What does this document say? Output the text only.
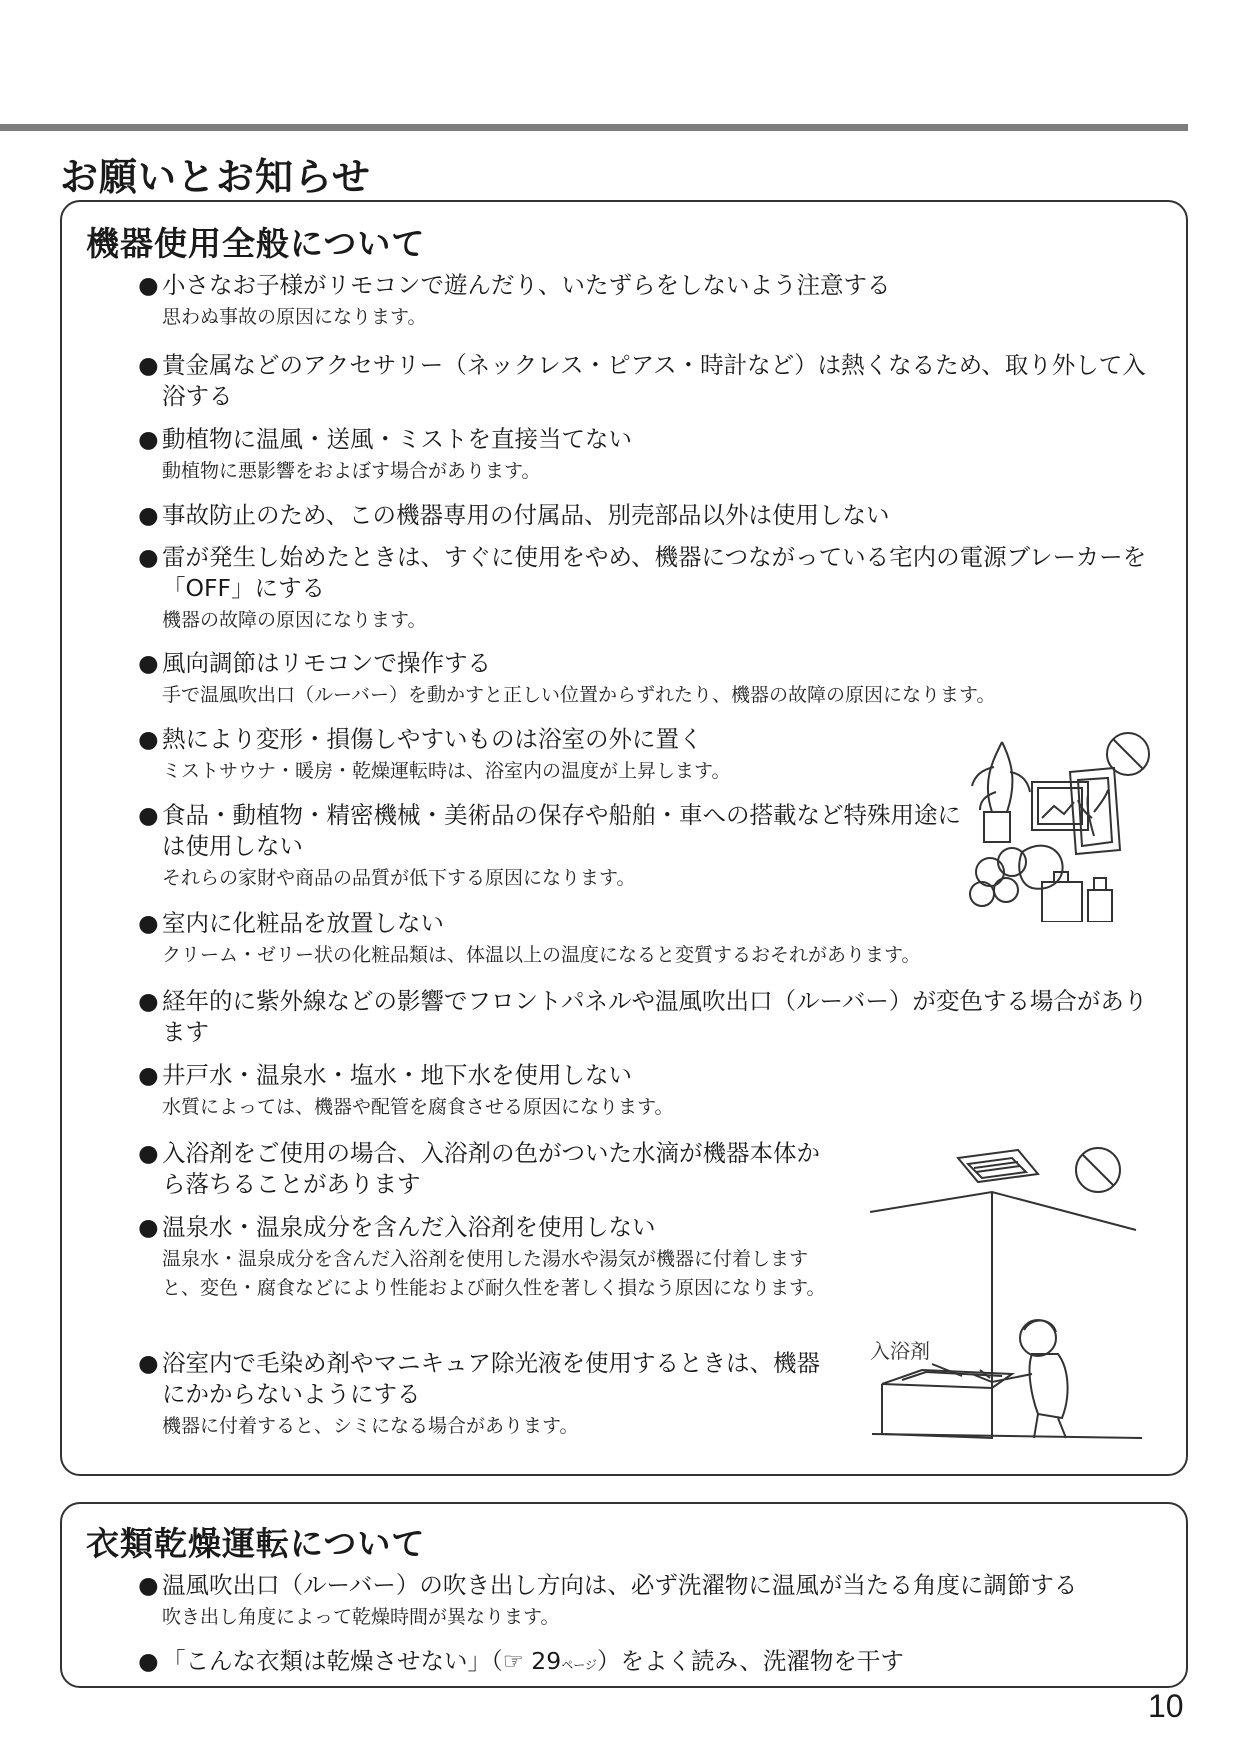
お願いとお知らせ
機器使用全般について

● 小さなお子様がリモコンで遊んだり、いたずらをしないよう注意する

思わぬ事故の原因になります。

● 貴金属などのアクセサリー（ネックレス・ピアス・時計など）は熱くなるため、取り外して入浴する

● 動植物に温風・送風・ミストを直接当てない

動植物に悪影響をおよぼす場合があります。

● 事故防止のため、この機器専用の付属品、別売部品以外は使用しない

● 雷が発生し始めたときは、すぐに使用をやめ、機器につながっている宅内の電源ブレーカーを「OFF」にする

機器の故障の原因になります。

● 風向調節はリモコンで操作する

手で温風吹出口（ルーバー）を動かすと正しい位置からずれたり、機器の故障の原因になります。

● 熱により変形・損傷しやすいものは浴室の外に置く

ミストサウナ・暖房・乾燥運転時は、浴室内の温度が上昇します。

● 食品・動植物・精密機械・美術品の保存や船舶・車への搭載など特殊用途には使用しない

それらの家財や商品の品質が低下する原因になります。

● 室内に化粧品を放置しない

クリーム・ゼリー状の化粧品類は、体温以上の温度になると変質するおそれがあります。

● 経年的に紫外線などの影響でフロントパネルや温風吹出口（ルーバー）が変色する場合があります

● 井戸水・温泉水・塩水・地下水を使用しない

水質によっては、機器や配管を腐食させる原因になります。

● 入浴剤をご使用の場合、入浴剤の色がついた水滴が機器本体から落ちることがあります

● 温泉水・温泉成分を含んだ入浴剤を使用しない

温泉水・温泉成分を含んだ入浴剤を使用した湯水や湯気が機器に付着しますと、変色・腐食などにより性能および耐久性を著しく損なう原因になります。

● 浴室内で毛染め剤やマニキュア除光液を使用するときは、機器にかからないようにする

機器に付着すると、シミになる場合があります。

入浴剤
衣類乾燥運転について

● 温風吹出口（ルーバー）の吹き出し方向は、必ず洗濯物に温風が当たる角度に調節する

吹き出し角度によって乾燥時間が異なります。

● 「こんな衣類は乾燥させない」（☞ 29ページ）をよく読み、洗濯物を干す

10
